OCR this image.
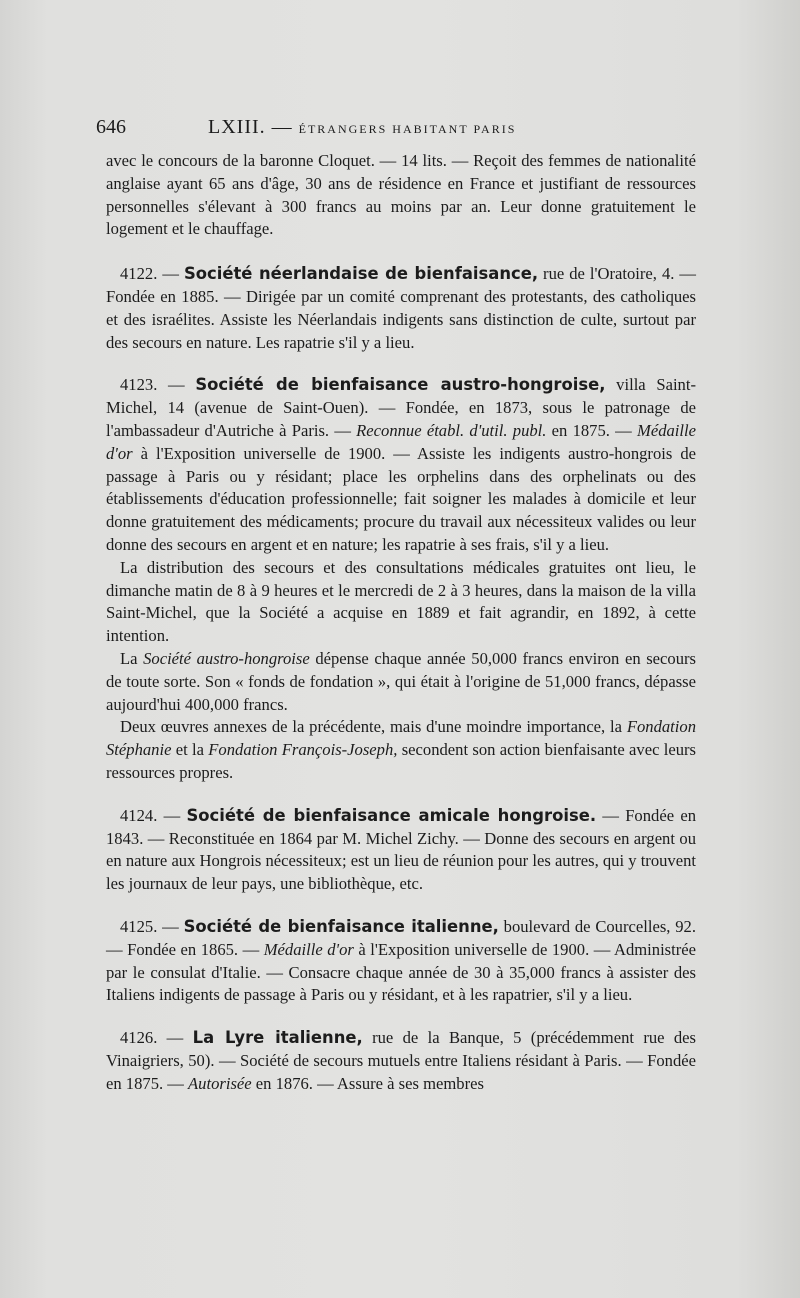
646	LXIII. — ÉTRANGERS HABITANT PARIS

avec le concours de la baronne Cloquet. — 14 lits. — Reçoit des femmes de nationalité anglaise ayant 65 ans d'âge, 30 ans de résidence en France et justifiant de ressources personnelles s'élevant à 300 francs au moins par an. Leur donne gratuitement le logement et le chauffage.

4122. — Société néerlandaise de bienfaisance, rue de l'Oratoire, 4. — Fondée en 1885. — Dirigée par un comité comprenant des protestants, des catholiques et des israélites. Assiste les Néerlandais indigents sans distinction de culte, surtout par des secours en nature. Les rapatrie s'il y a lieu.

4123. — Société de bienfaisance austro-hongroise, villa Saint-Michel, 14 (avenue de Saint-Ouen). — Fondée, en 1873, sous le patronage de l'ambassadeur d'Autriche à Paris. — Reconnue établ. d'util. publ. en 1875. — Médaille d'or à l'Exposition universelle de 1900. — Assiste les indigents austro-hongrois de passage à Paris ou y résidant; place les orphelins dans des orphelinats ou des établissements d'éducation professionnelle; fait soigner les malades à domicile et leur donne gratuitement des médicaments; procure du travail aux nécessiteux valides ou leur donne des secours en argent et en nature; les rapatrie à ses frais, s'il y a lieu.

La distribution des secours et des consultations médicales gratuites ont lieu, le dimanche matin de 8 à 9 heures et le mercredi de 2 à 3 heures, dans la maison de la villa Saint-Michel, que la Société a acquise en 1889 et fait agrandir, en 1892, à cette intention.

La Société austro-hongroise dépense chaque année 50,000 francs environ en secours de toute sorte. Son « fonds de fondation », qui était à l'origine de 51,000 francs, dépasse aujourd'hui 400,000 francs.

Deux œuvres annexes de la précédente, mais d'une moindre importance, la Fondation Stéphanie et la Fondation François-Joseph, secondent son action bienfaisante avec leurs ressources propres.

4124. — Société de bienfaisance amicale hongroise. — Fondée en 1843. — Reconstituée en 1864 par M. Michel Zichy. — Donne des secours en argent ou en nature aux Hongrois nécessiteux; est un lieu de réunion pour les autres, qui y trouvent les journaux de leur pays, une bibliothèque, etc.

4125. — Société de bienfaisance italienne, boulevard de Courcelles, 92. — Fondée en 1865. — Médaille d'or à l'Exposition universelle de 1900. — Administrée par le consulat d'Italie. — Consacre chaque année de 30 à 35,000 francs à assister des Italiens indigents de passage à Paris ou y résidant, et à les rapatrier, s'il y a lieu.

4126. — La Lyre italienne, rue de la Banque, 5 (précédemment rue des Vinaigriers, 50). — Société de secours mutuels entre Italiens résidant à Paris. — Fondée en 1875. — Autorisée en 1876. — Assure à ses membres
